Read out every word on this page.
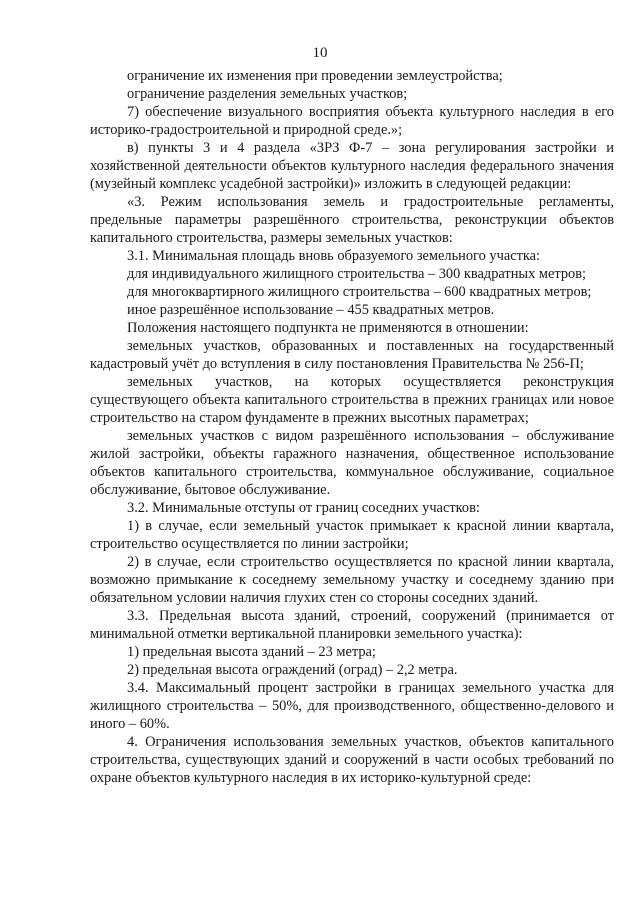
10

ограничение их изменения при проведении землеустройства;

ограничение разделения земельных участков;

7) обеспечение визуального восприятия объекта культурного наследия в его историко-градостроительной и природной среде.»;

в) пункты 3 и 4 раздела «ЗРЗ Ф-7 – зона регулирования застройки и хозяйственной деятельности объектов культурного наследия федерального значения (музейный комплекс усадебной застройки)» изложить в следующей редакции:

«3. Режим использования земель и градостроительные регламенты, предельные параметры разрешённого строительства, реконструкции объектов капитального строительства, размеры земельных участков:

3.1. Минимальная площадь вновь образуемого земельного участка:

для индивидуального жилищного строительства – 300 квадратных метров;

для многоквартирного жилищного строительства – 600 квадратных метров;

иное разрешённое использование – 455 квадратных метров.

Положения настоящего подпункта не применяются в отношении:

земельных участков, образованных и поставленных на государственный кадастровый учёт до вступления в силу постановления Правительства № 256-П;

земельных участков, на которых осуществляется реконструкция существующего объекта капитального строительства в прежних границах или новое строительство на старом фундаменте в прежних высотных параметрах;

земельных участков с видом разрешённого использования – обслуживание жилой застройки, объекты гаражного назначения, общественное использование объектов капитального строительства, коммунальное обслуживание, социальное обслуживание, бытовое обслуживание.

3.2. Минимальные отступы от границ соседних участков:

1) в случае, если земельный участок примыкает к красной линии квартала, строительство осуществляется по линии застройки;

2) в случае, если строительство осуществляется по красной линии квартала, возможно примыкание к соседнему земельному участку и соседнему зданию при обязательном условии наличия глухих стен со стороны соседних зданий.

3.3. Предельная высота зданий, строений, сооружений (принимается от минимальной отметки вертикальной планировки земельного участка):

1) предельная высота зданий – 23 метра;

2) предельная высота ограждений (оград) – 2,2 метра.

3.4. Максимальный процент застройки в границах земельного участка для жилищного строительства – 50%, для производственного, общественно-делового и иного – 60%.

4. Ограничения использования земельных участков, объектов капитального строительства, существующих зданий и сооружений в части особых требований по охране объектов культурного наследия в их историко-культурной среде:
